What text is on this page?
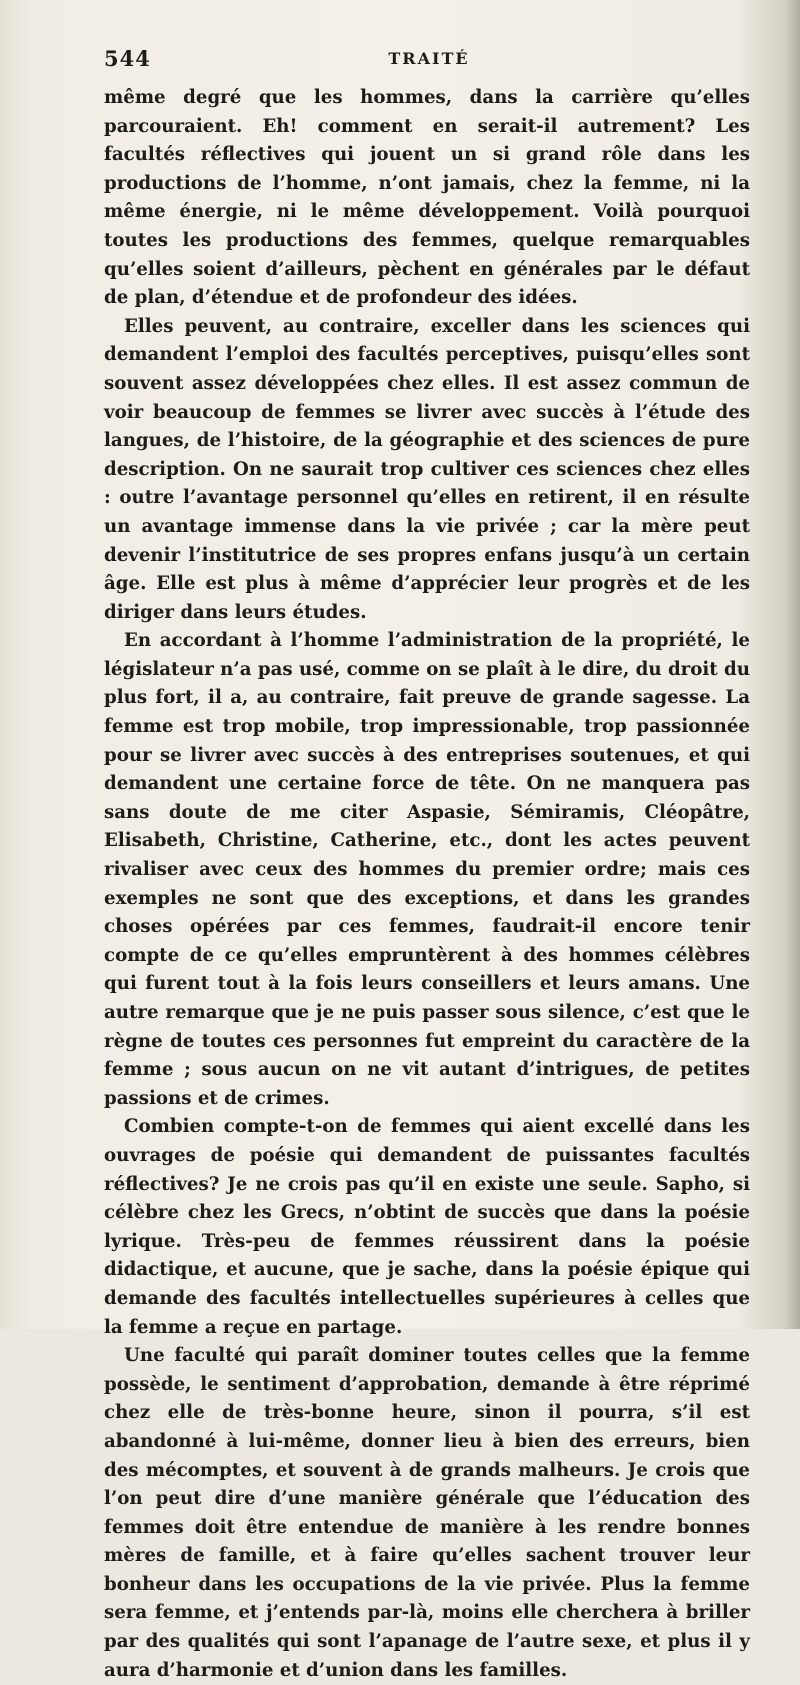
544	TRAITÉ

même degré que les hommes, dans la carrière qu’elles parcouraient. Eh! comment en serait-il autrement? Les facultés réflectives qui jouent un si grand rôle dans les productions de l’homme, n’ont jamais, chez la femme, ni la même énergie, ni le même développement. Voilà pourquoi toutes les productions des femmes, quelque remarquables qu’elles soient d’ailleurs, pèchent en générales par le défaut de plan, d’étendue et de profondeur des idées.

Elles peuvent, au contraire, exceller dans les sciences qui demandent l’emploi des facultés perceptives, puisqu’elles sont souvent assez développées chez elles. Il est assez commun de voir beaucoup de femmes se livrer avec succès à l’étude des langues, de l’histoire, de la géographie et des sciences de pure description. On ne saurait trop cultiver ces sciences chez elles : outre l’avantage personnel qu’elles en retirent, il en résulte un avantage immense dans la vie privée ; car la mère peut devenir l’institutrice de ses propres enfans jusqu’à un certain âge. Elle est plus à même d’apprécier leur progrès et de les diriger dans leurs études.

En accordant à l’homme l’administration de la propriété, le législateur n’a pas usé, comme on se plaît à le dire, du droit du plus fort, il a, au contraire, fait preuve de grande sagesse. La femme est trop mobile, trop impressionable, trop passionnée pour se livrer avec succès à des entreprises soutenues, et qui demandent une certaine force de tête. On ne manquera pas sans doute de me citer Aspasie, Sémiramis, Cléopâtre, Elisabeth, Christine, Catherine, etc., dont les actes peuvent rivaliser avec ceux des hommes du premier ordre; mais ces exemples ne sont que des exceptions, et dans les grandes choses opérées par ces femmes, faudrait-il encore tenir compte de ce qu’elles empruntèrent à des hommes célèbres qui furent tout à la fois leurs conseillers et leurs amans. Une autre remarque que je ne puis passer sous silence, c’est que le règne de toutes ces personnes fut empreint du caractère de la femme ; sous aucun on ne vit autant d’intrigues, de petites passions et de crimes.

Combien compte-t-on de femmes qui aient excellé dans les ouvrages de poésie qui demandent de puissantes facultés réflectives? Je ne crois pas qu’il en existe une seule. Sapho, si célèbre chez les Grecs, n’obtint de succès que dans la poésie lyrique. Très-peu de femmes réussirent dans la poésie didactique, et aucune, que je sache, dans la poésie épique qui demande des facultés intellectuelles supérieures à celles que la femme a reçue en partage.

Une faculté qui paraît dominer toutes celles que la femme possède, le sentiment d’approbation, demande à être réprimé chez elle de très-bonne heure, sinon il pourra, s’il est abandonné à lui-même, donner lieu à bien des erreurs, bien des mécomptes, et souvent à de grands malheurs. Je crois que l’on peut dire d’une manière générale que l’éducation des femmes doit être entendue de manière à les rendre bonnes mères de famille, et à faire qu’elles sachent trouver leur bonheur dans les occupations de la vie privée. Plus la femme sera femme, et j’entends par-là, moins elle cherchera à briller par des qualités qui sont l’apanage de l’autre sexe, et plus il y aura d’harmonie et d’union dans les familles.
